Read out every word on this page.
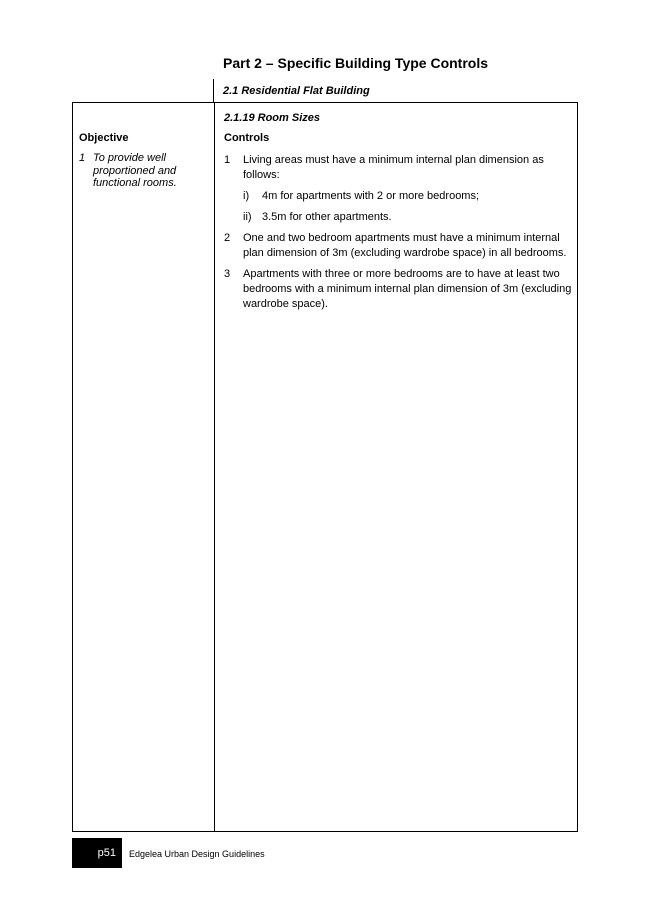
Part 2 – Specific Building Type Controls
2.1 Residential Flat Building
2.1.19 Room Sizes
Objective
1 To provide well proportioned and functional rooms.
Controls
1	Living areas must have a minimum internal plan dimension as follows:
i)	4m for apartments with 2 or more bedrooms;
ii) 3.5m for other apartments.
2	One and two bedroom apartments must have a minimum internal plan dimension of 3m (excluding wardrobe space) in all bedrooms.
3	Apartments with three or more bedrooms are to have at least two bedrooms with a minimum internal plan dimension of 3m (excluding wardrobe space).
p51	Edgelea Urban Design Guidelines
